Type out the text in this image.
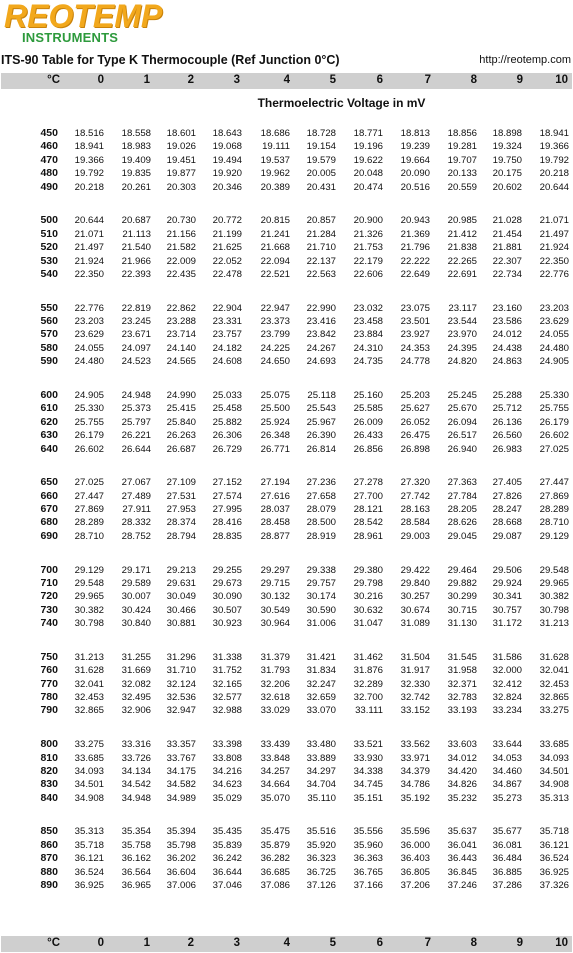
REOTEMP
INSTRUMENTS
ITS-90 Table for Type K Thermocouple (Ref Junction 0°C)	http://reotemp.com
°C	0	1	2	3	4	5	6	7	8	9	10
Thermoelectric Voltage in mV
450	18.516	18.558	18.601	18.643	18.686	18.728	18.771	18.813	18.856	18.898	18.941
460	18.941	18.983	19.026	19.068	19.111	19.154	19.196	19.239	19.281	19.324	19.366
470	19.366	19.409	19.451	19.494	19.537	19.579	19.622	19.664	19.707	19.750	19.792
480	19.792	19.835	19.877	19.920	19.962	20.005	20.048	20.090	20.133	20.175	20.218
490	20.218	20.261	20.303	20.346	20.389	20.431	20.474	20.516	20.559	20.602	20.644
500	20.644	20.687	20.730	20.772	20.815	20.857	20.900	20.943	20.985	21.028	21.071
510	21.071	21.113	21.156	21.199	21.241	21.284	21.326	21.369	21.412	21.454	21.497
520	21.497	21.540	21.582	21.625	21.668	21.710	21.753	21.796	21.838	21.881	21.924
530	21.924	21.966	22.009	22.052	22.094	22.137	22.179	22.222	22.265	22.307	22.350
540	22.350	22.393	22.435	22.478	22.521	22.563	22.606	22.649	22.691	22.734	22.776
550	22.776	22.819	22.862	22.904	22.947	22.990	23.032	23.075	23.117	23.160	23.203
560	23.203	23.245	23.288	23.331	23.373	23.416	23.458	23.501	23.544	23.586	23.629
570	23.629	23.671	23.714	23.757	23.799	23.842	23.884	23.927	23.970	24.012	24.055
580	24.055	24.097	24.140	24.182	24.225	24.267	24.310	24.353	24.395	24.438	24.480
590	24.480	24.523	24.565	24.608	24.650	24.693	24.735	24.778	24.820	24.863	24.905
600	24.905	24.948	24.990	25.033	25.075	25.118	25.160	25.203	25.245	25.288	25.330
610	25.330	25.373	25.415	25.458	25.500	25.543	25.585	25.627	25.670	25.712	25.755
620	25.755	25.797	25.840	25.882	25.924	25.967	26.009	26.052	26.094	26.136	26.179
630	26.179	26.221	26.263	26.306	26.348	26.390	26.433	26.475	26.517	26.560	26.602
640	26.602	26.644	26.687	26.729	26.771	26.814	26.856	26.898	26.940	26.983	27.025
650	27.025	27.067	27.109	27.152	27.194	27.236	27.278	27.320	27.363	27.405	27.447
660	27.447	27.489	27.531	27.574	27.616	27.658	27.700	27.742	27.784	27.826	27.869
670	27.869	27.911	27.953	27.995	28.037	28.079	28.121	28.163	28.205	28.247	28.289
680	28.289	28.332	28.374	28.416	28.458	28.500	28.542	28.584	28.626	28.668	28.710
690	28.710	28.752	28.794	28.835	28.877	28.919	28.961	29.003	29.045	29.087	29.129
700	29.129	29.171	29.213	29.255	29.297	29.338	29.380	29.422	29.464	29.506	29.548
710	29.548	29.589	29.631	29.673	29.715	29.757	29.798	29.840	29.882	29.924	29.965
720	29.965	30.007	30.049	30.090	30.132	30.174	30.216	30.257	30.299	30.341	30.382
730	30.382	30.424	30.466	30.507	30.549	30.590	30.632	30.674	30.715	30.757	30.798
740	30.798	30.840	30.881	30.923	30.964	31.006	31.047	31.089	31.130	31.172	31.213
750	31.213	31.255	31.296	31.338	31.379	31.421	31.462	31.504	31.545	31.586	31.628
760	31.628	31.669	31.710	31.752	31.793	31.834	31.876	31.917	31.958	32.000	32.041
770	32.041	32.082	32.124	32.165	32.206	32.247	32.289	32.330	32.371	32.412	32.453
780	32.453	32.495	32.536	32.577	32.618	32.659	32.700	32.742	32.783	32.824	32.865
790	32.865	32.906	32.947	32.988	33.029	33.070	33.111	33.152	33.193	33.234	33.275
800	33.275	33.316	33.357	33.398	33.439	33.480	33.521	33.562	33.603	33.644	33.685
810	33.685	33.726	33.767	33.808	33.848	33.889	33.930	33.971	34.012	34.053	34.093
820	34.093	34.134	34.175	34.216	34.257	34.297	34.338	34.379	34.420	34.460	34.501
830	34.501	34.542	34.582	34.623	34.664	34.704	34.745	34.786	34.826	34.867	34.908
840	34.908	34.948	34.989	35.029	35.070	35.110	35.151	35.192	35.232	35.273	35.313
850	35.313	35.354	35.394	35.435	35.475	35.516	35.556	35.596	35.637	35.677	35.718
860	35.718	35.758	35.798	35.839	35.879	35.920	35.960	36.000	36.041	36.081	36.121
870	36.121	36.162	36.202	36.242	36.282	36.323	36.363	36.403	36.443	36.484	36.524
880	36.524	36.564	36.604	36.644	36.685	36.725	36.765	36.805	36.845	36.885	36.925
890	36.925	36.965	37.006	37.046	37.086	37.126	37.166	37.206	37.246	37.286	37.326
°C	0	1	2	3	4	5	6	7	8	9	10
